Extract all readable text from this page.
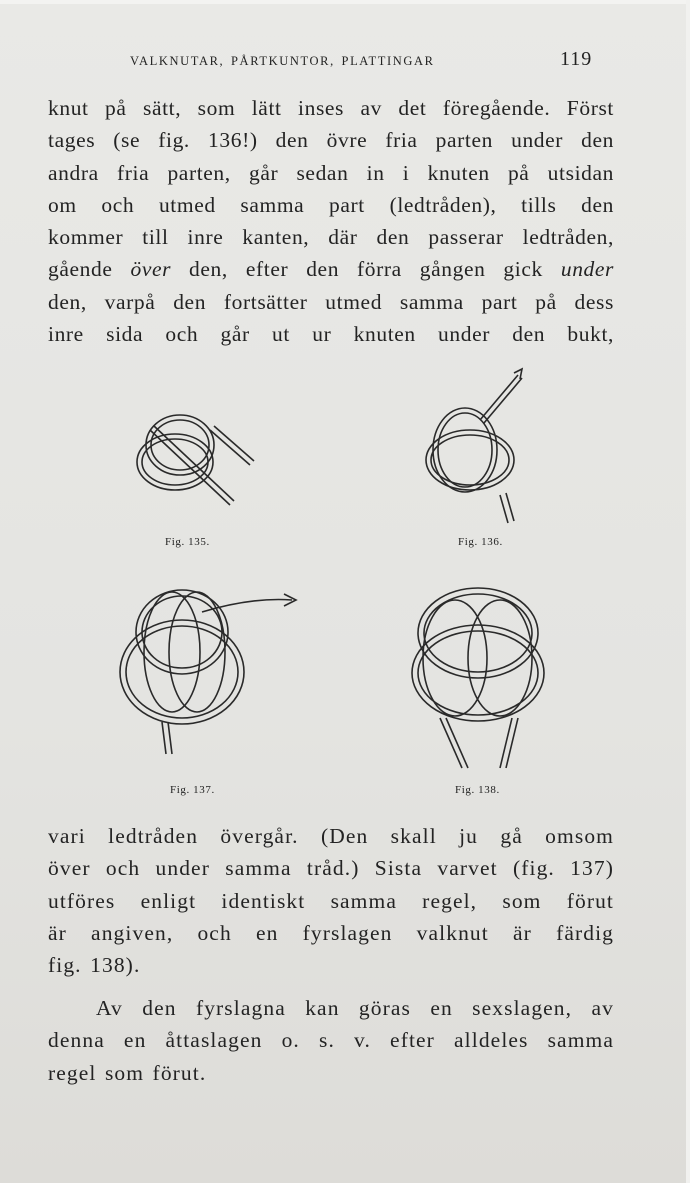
VALKNUTAR, PÅRTKUNTOR, PLATTINGAR	119
knut på sätt, som lätt inses av det föregående. Först
tages (se fig. 136!) den övre fria parten under den
andra fria parten, går sedan in i knuten på utsidan
om och utmed samma part (ledtråden), tills den
kommer till inre kanten, där den passerar ledtråden,
gående över den, efter den förra gången gick under
den, varpå den fortsätter utmed samma part på dess
inre sida och går ut ur knuten under den bukt,
Fig. 135.	Fig. 136.
Fig. 137.	Fig. 138.
vari ledtråden övergår. (Den skall ju gå omsom
över och under samma tråd.) Sista varvet (fig. 137)
utföres enligt identiskt samma regel, som förut
är angiven, och en fyrslagen valknut är färdig
fig. 138).
Av den fyrslagna kan göras en sexslagen, av
denna en åttaslagen o. s. v. efter alldeles samma
regel som förut.
